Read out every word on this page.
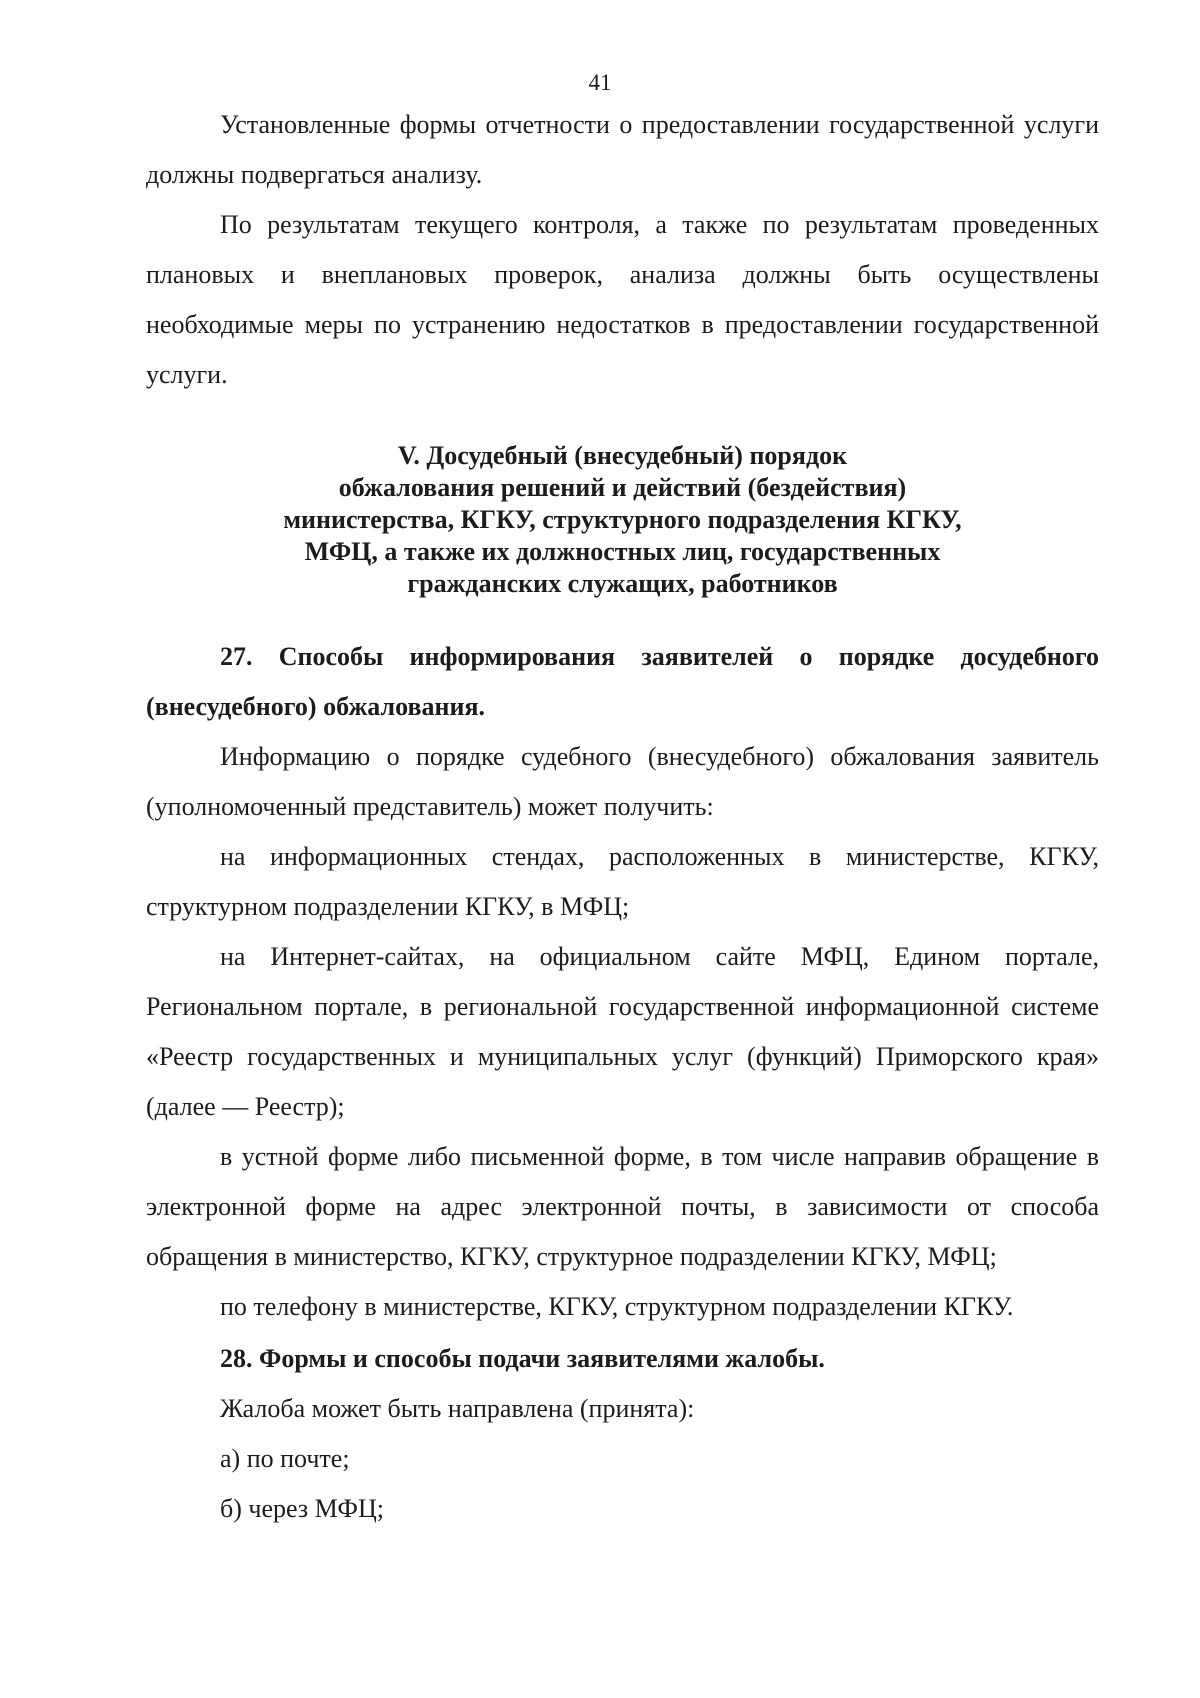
41

Установленные формы отчетности о предоставлении государственной услуги должны подвергаться анализу.

По результатам текущего контроля, а также по результатам проведенных плановых и внеплановых проверок, анализа должны быть осуществлены необходимые меры по устранению недостатков в предоставлении государственной услуги.

V. Досудебный (внесудебный) порядок
обжалования решений и действий (бездействия)
министерства, КГКУ, структурного подразделения КГКУ,
МФЦ, а также их должностных лиц, государственных
гражданских служащих, работников

27. Способы информирования заявителей о порядке досудебного (внесудебного) обжалования.

Информацию о порядке судебного (внесудебного) обжалования заявитель (уполномоченный представитель) может получить:

на информационных стендах, расположенных в министерстве, КГКУ, структурном подразделении КГКУ, в МФЦ;

на Интернет-сайтах, на официальном сайте МФЦ, Едином портале, Региональном портале, в региональной государственной информационной системе «Реестр государственных и муниципальных услуг (функций) Приморского края» (далее — Реестр);

в устной форме либо письменной форме, в том числе направив обращение в электронной форме на адрес электронной почты, в зависимости от способа обращения в министерство, КГКУ, структурное подразделении КГКУ, МФЦ;

по телефону в министерстве, КГКУ, структурном подразделении КГКУ.

28. Формы и способы подачи заявителями жалобы.

Жалоба может быть направлена (принята):

а) по почте;

б) через МФЦ;
